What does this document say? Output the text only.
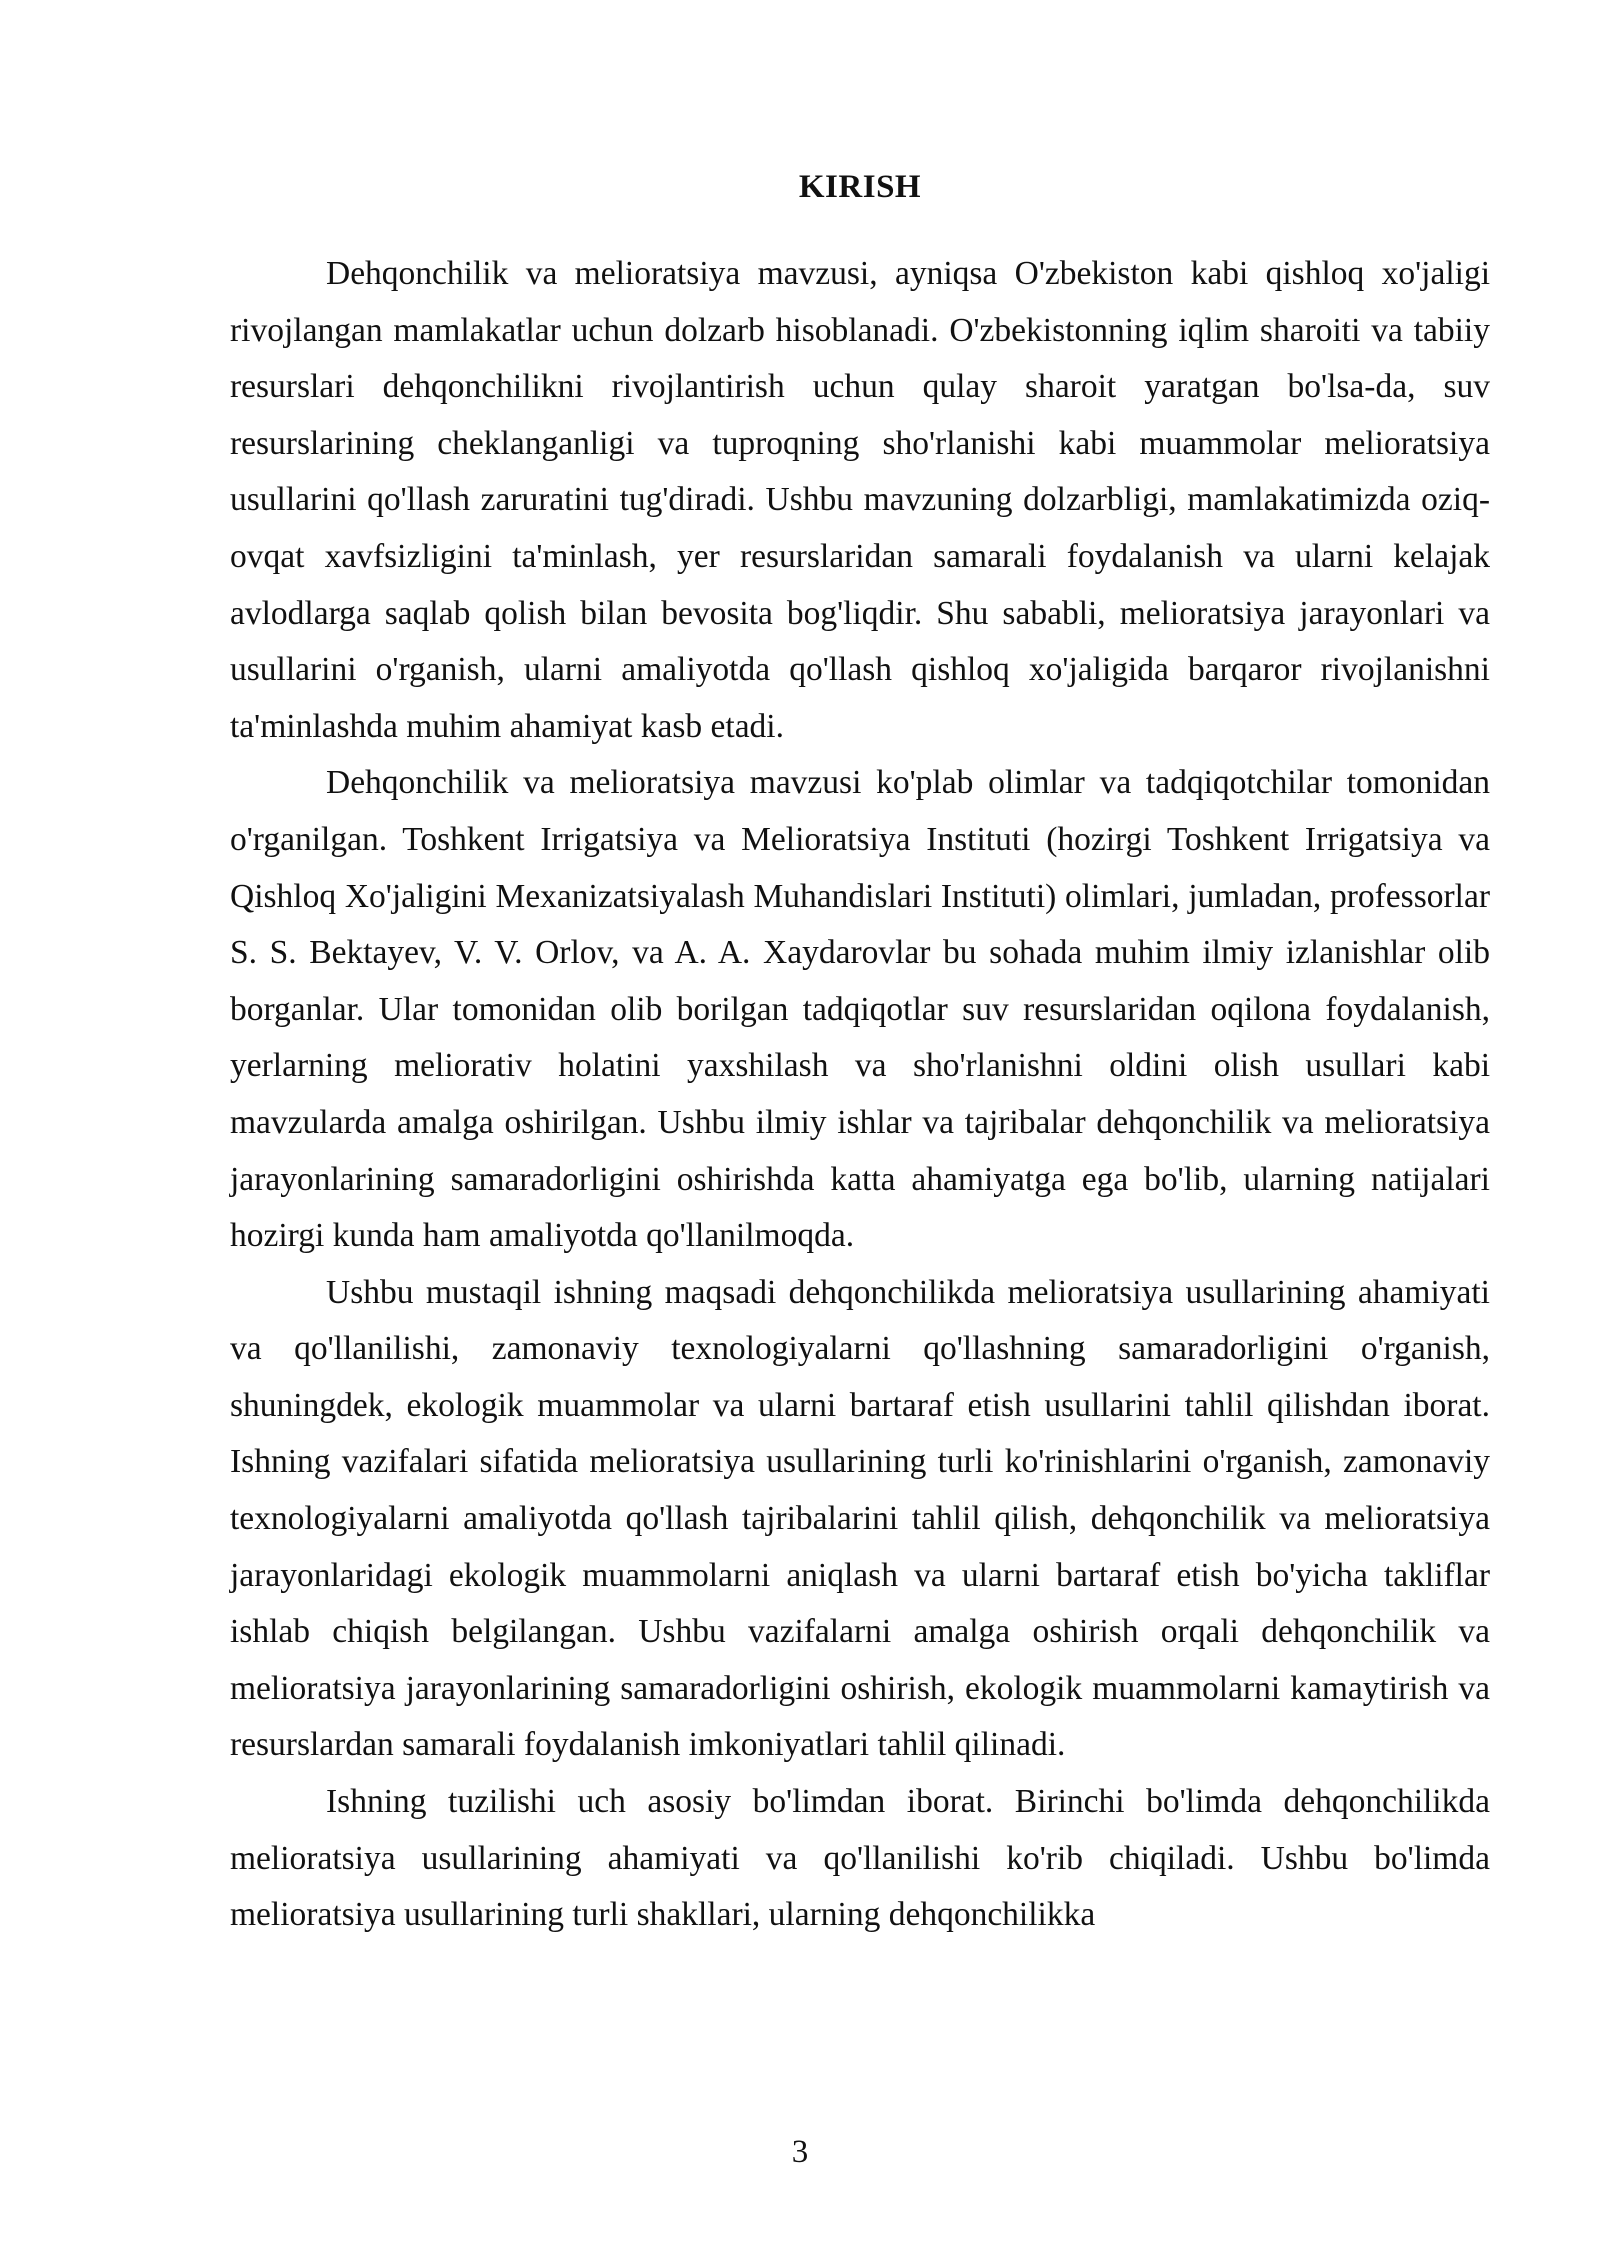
KIRISH

Dehqonchilik va melioratsiya mavzusi, ayniqsa O'zbekiston kabi qishloq xo'jaligi rivojlangan mamlakatlar uchun dolzarb hisoblanadi. O'zbekistonning iqlim sharoiti va tabiiy resurslari dehqonchilikni rivojlantirish uchun qulay sharoit yaratgan bo'lsa-da, suv resurslarining cheklanganligi va tuproqning sho'rlanishi kabi muammolar melioratsiya usullarini qo'llash zaruratini tug'diradi. Ushbu mavzuning dolzarbligi, mamlakatimizda oziq-ovqat xavfsizligini ta'minlash, yer resurslaridan samarali foydalanish va ularni kelajak avlodlarga saqlab qolish bilan bevosita bog'liqdir. Shu sababli, melioratsiya jarayonlari va usullarini o'rganish, ularni amaliyotda qo'llash qishloq xo'jaligida barqaror rivojlanishni ta'minlashda muhim ahamiyat kasb etadi.

Dehqonchilik va melioratsiya mavzusi ko'plab olimlar va tadqiqotchilar tomonidan o'rganilgan. Toshkent Irrigatsiya va Melioratsiya Instituti (hozirgi Toshkent Irrigatsiya va Qishloq Xo'jaligini Mexanizatsiyalash Muhandislari Instituti) olimlari, jumladan, professorlar S. S. Bektayev, V. V. Orlov, va A. A. Xaydarovlar bu sohada muhim ilmiy izlanishlar olib borganlar. Ular tomonidan olib borilgan tadqiqotlar suv resurslaridan oqilona foydalanish, yerlarning meliorativ holatini yaxshilash va sho'rlanishni oldini olish usullari kabi mavzularda amalga oshirilgan. Ushbu ilmiy ishlar va tajribalar dehqonchilik va melioratsiya jarayonlarining samaradorligini oshirishda katta ahamiyatga ega bo'lib, ularning natijalari hozirgi kunda ham amaliyotda qo'llanilmoqda.

Ushbu mustaqil ishning maqsadi dehqonchilikda melioratsiya usullarining ahamiyati va qo'llanilishi, zamonaviy texnologiyalarni qo'llashning samaradorligini o'rganish, shuningdek, ekologik muammolar va ularni bartaraf etish usullarini tahlil qilishdan iborat. Ishning vazifalari sifatida melioratsiya usullarining turli ko'rinishlarini o'rganish, zamonaviy texnologiyalarni amaliyotda qo'llash tajribalarini tahlil qilish, dehqonchilik va melioratsiya jarayonlaridagi ekologik muammolarni aniqlash va ularni bartaraf etish bo'yicha takliflar ishlab chiqish belgilangan. Ushbu vazifalarni amalga oshirish orqali dehqonchilik va melioratsiya jarayonlarining samaradorligini oshirish, ekologik muammolarni kamaytirish va resurslardan samarali foydalanish imkoniyatlari tahlil qilinadi.

Ishning tuzilishi uch asosiy bo'limdan iborat. Birinchi bo'limda dehqonchilikda melioratsiya usullarining ahamiyati va qo'llanilishi ko'rib chiqiladi. Ushbu bo'limda melioratsiya usullarining turli shakllari, ularning dehqonchilikka

3
